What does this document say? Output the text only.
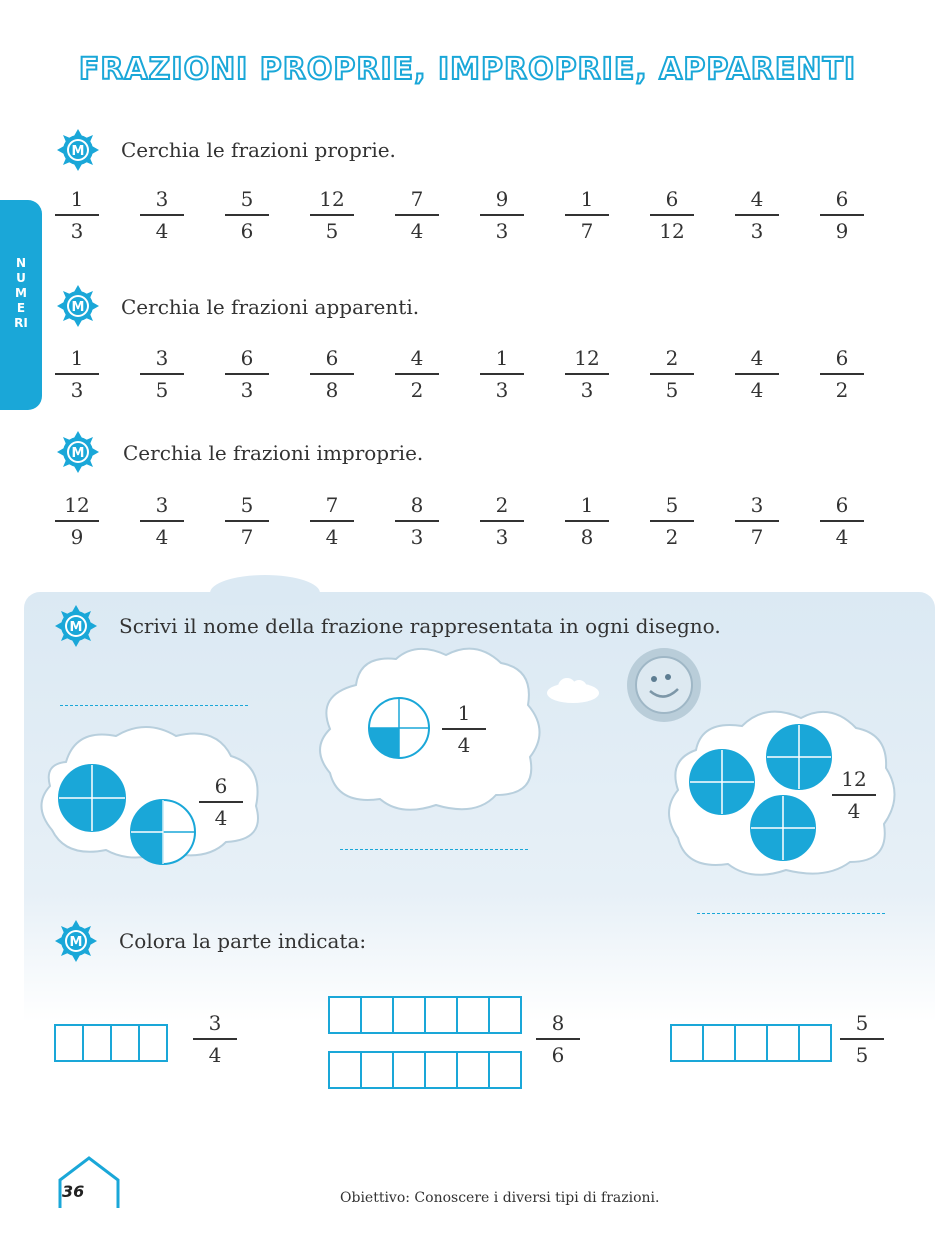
FRAZIONI PROPRIE, IMPROPRIE, APPARENTI
NUMERI
M Cerchia le frazioni proprie.
1
3
3
4
5
6
12
5
7
4
9
3
1
7
6
12
4
3
6
9
M Cerchia le frazioni apparenti.
1
3
3
5
6
3
6
8
4
2
1
3
12
3
2
5
4
4
6
2
M Cerchia le frazioni improprie.
12
9
3
4
5
7
7
4
8
3
2
3
1
8
5
2
3
7
6
4
M Scrivi il nome della frazione rappresentata in ogni disegno.
6
4
1
4
12
4
M Colora la parte indicata:
3
4
8
6
5
5
36	Obiettivo: Conoscere i diversi tipi di frazioni.
